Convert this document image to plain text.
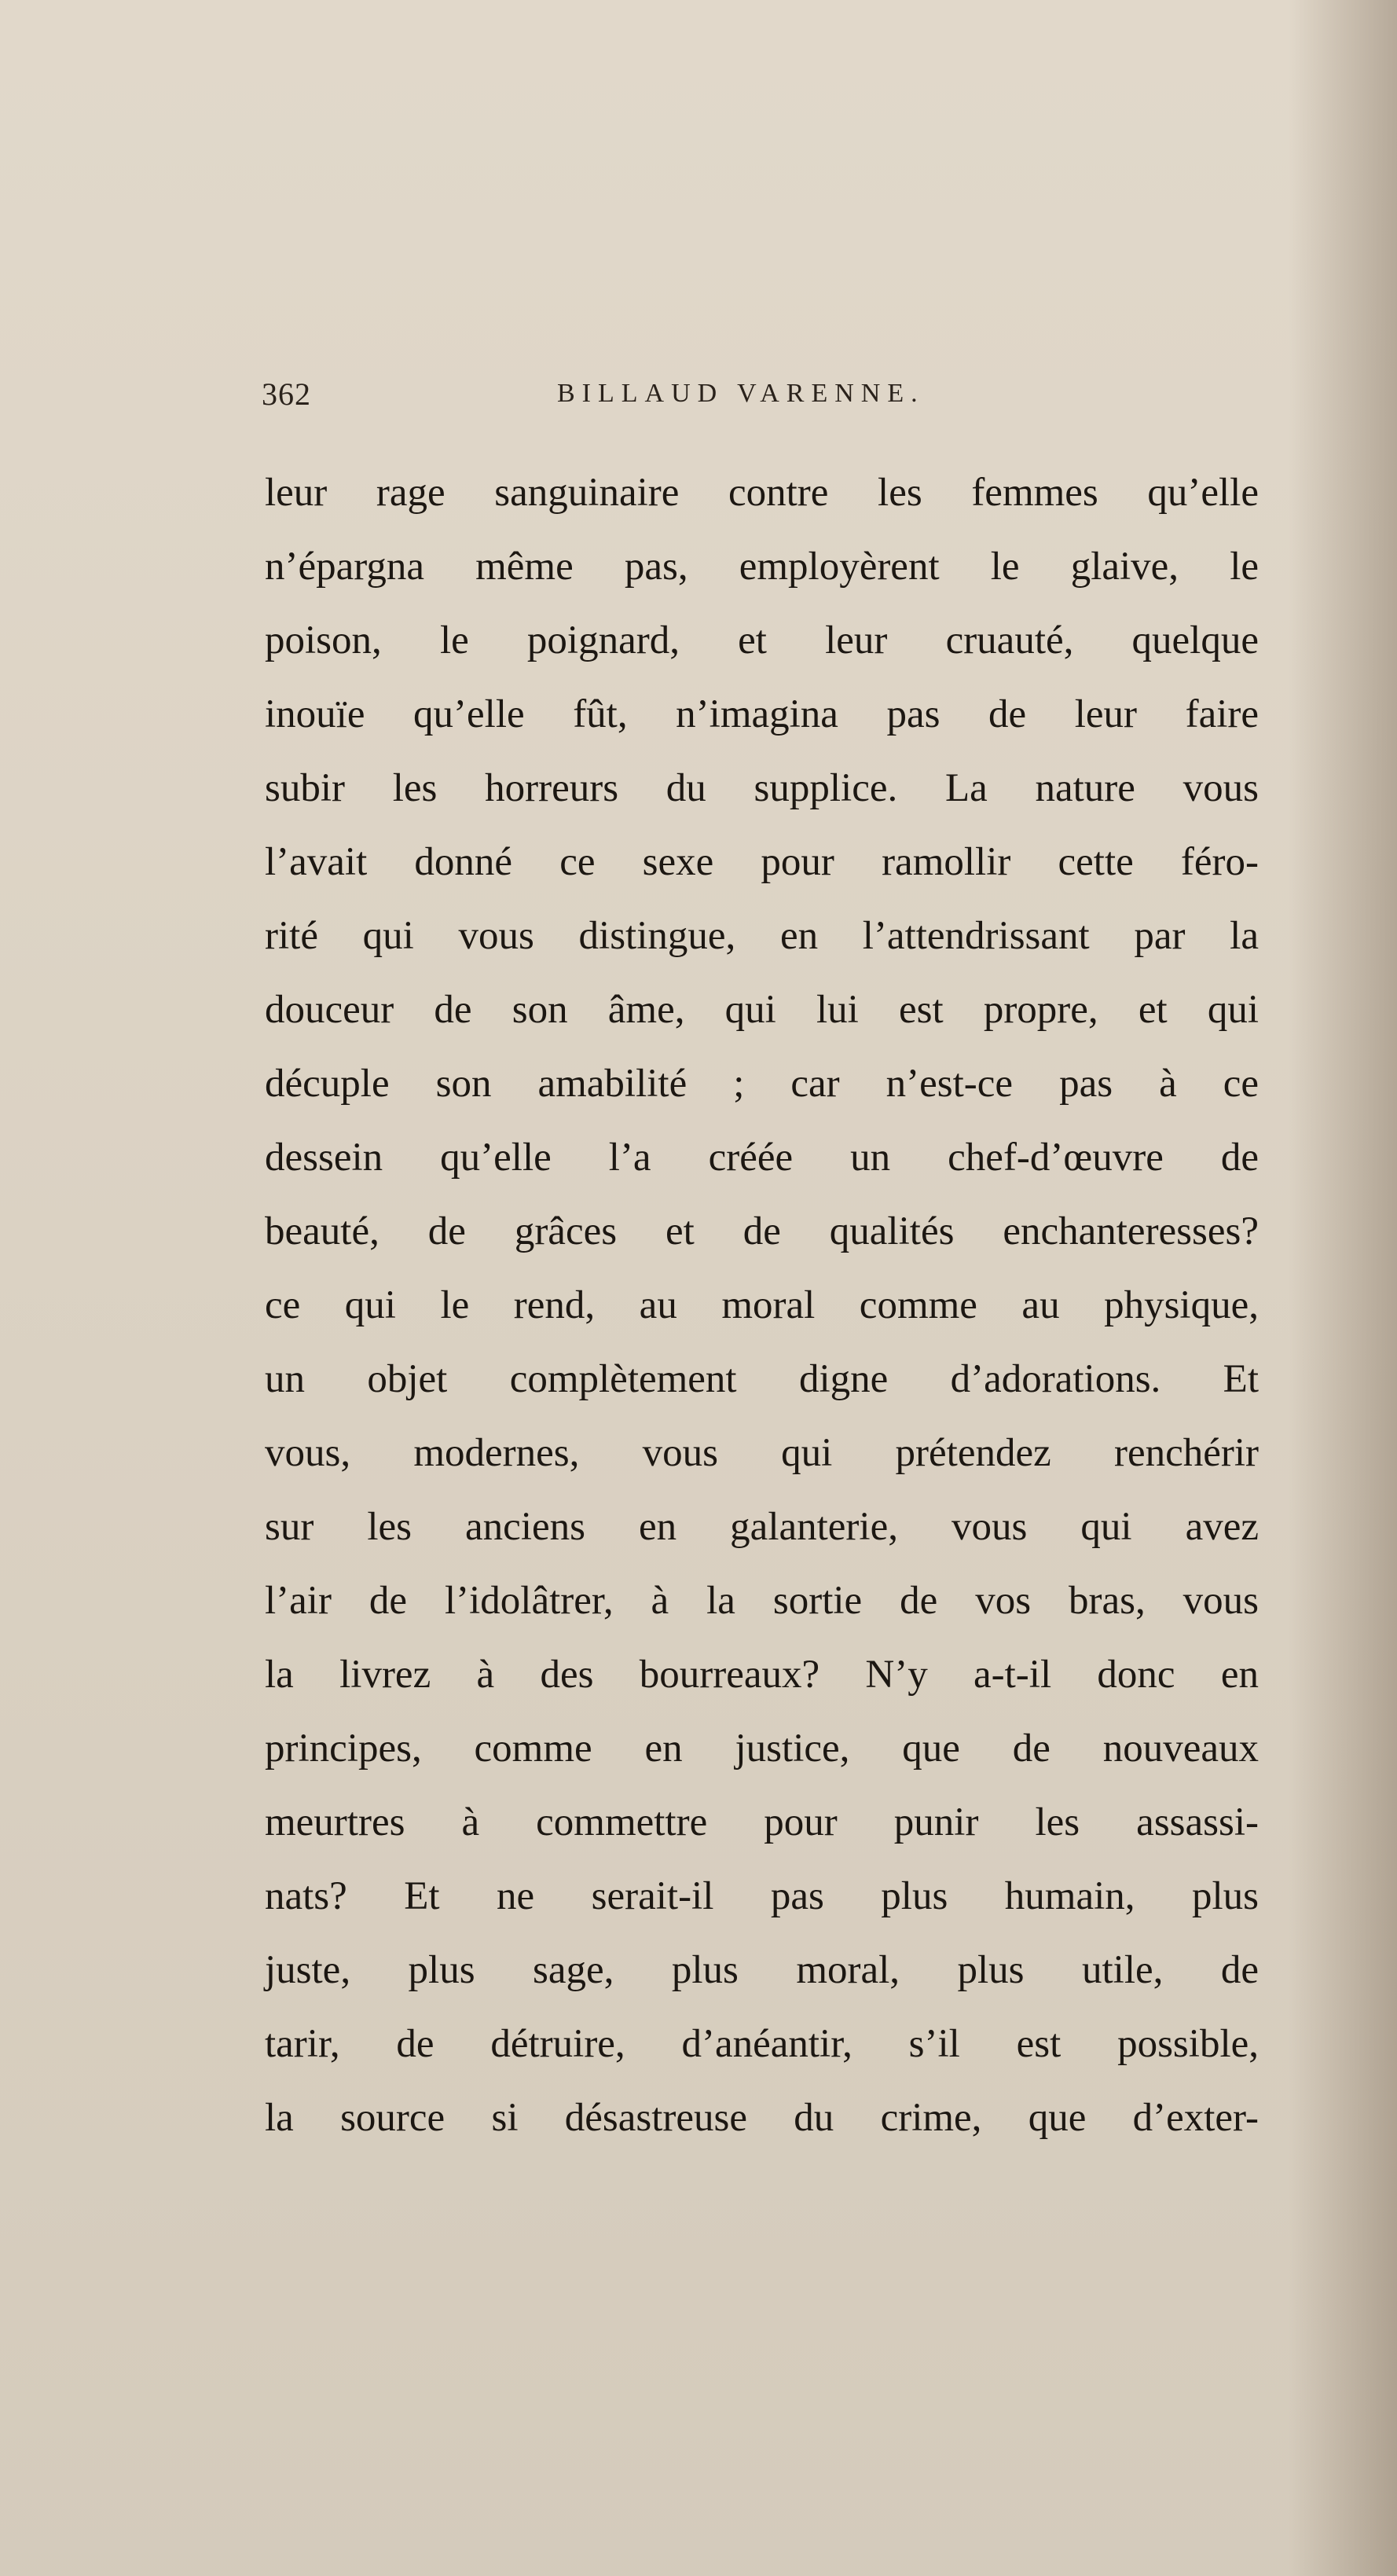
362	BILLAUD VARENNE.
leur rage sanguinaire contre les femmes qu’elle
n’épargna même pas, employèrent le glaive, le
poison, le poignard, et leur cruauté, quelque
inouïe qu’elle fût, n’imagina pas de leur faire
subir les horreurs du supplice. La nature vous
l’avait donné ce sexe pour ramollir cette féro-
rité qui vous distingue, en l’attendrissant par la
douceur de son âme, qui lui est propre, et qui
décuple son amabilité ; car n’est-ce pas à ce
dessein qu’elle l’a créée un chef-d’œuvre de
beauté, de grâces et de qualités enchanteresses?
ce qui le rend, au moral comme au physique,
un objet complètement digne d’adorations. Et
vous, modernes, vous qui prétendez renchérir
sur les anciens en galanterie, vous qui avez
l’air de l’idolâtrer, à la sortie de vos bras, vous
la livrez à des bourreaux? N’y a-t-il donc en
principes, comme en justice, que de nouveaux
meurtres à commettre pour punir les assassi-
nats? Et ne serait-il pas plus humain, plus
juste, plus sage, plus moral, plus utile, de
tarir, de détruire, d’anéantir, s’il est possible,
la source si désastreuse du crime, que d’exter-
